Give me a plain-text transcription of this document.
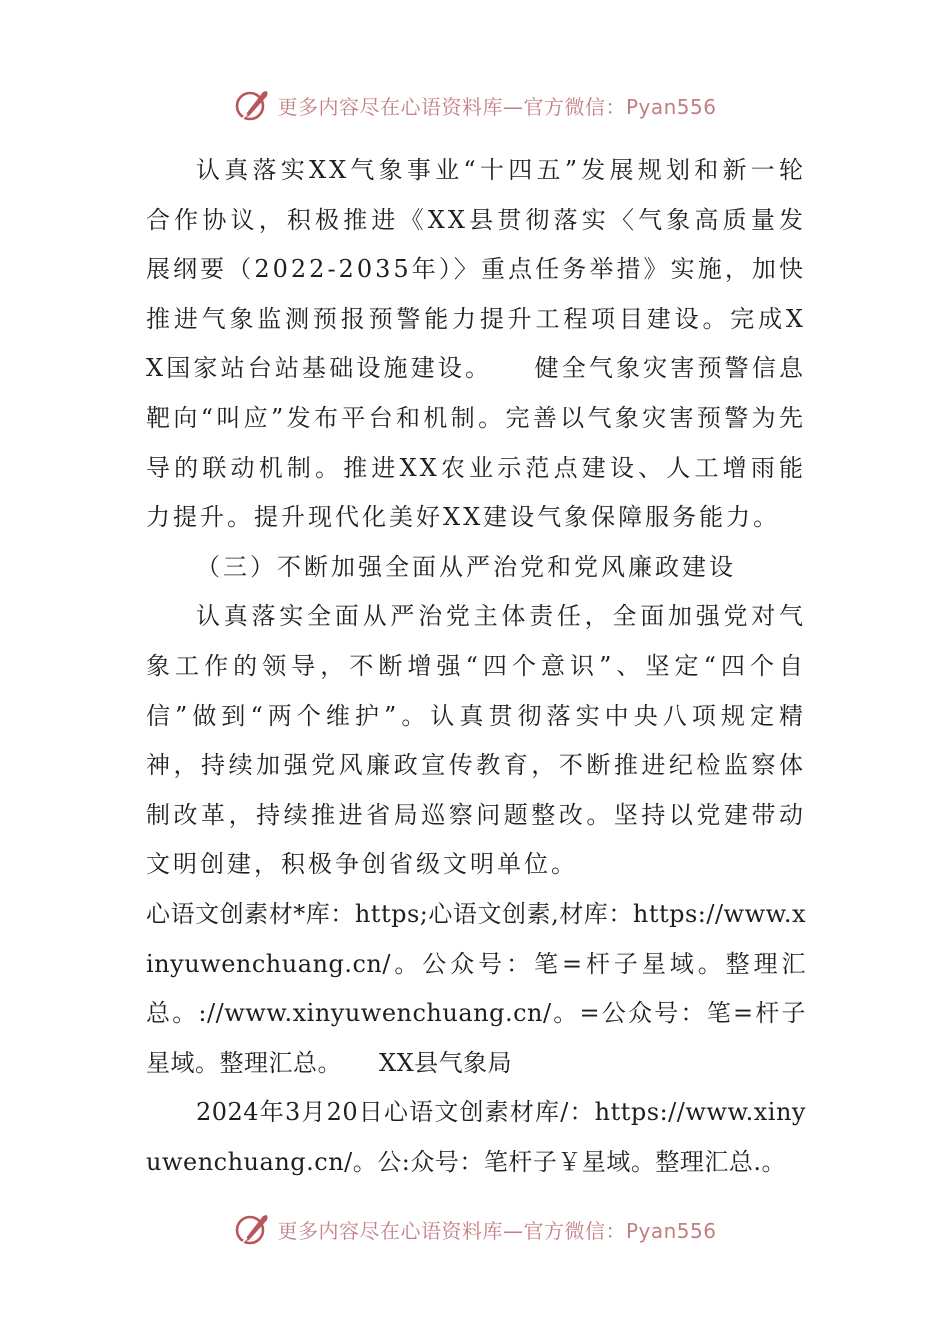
更多内容尽在心语资料库—官方微信：Pyan556

认真落实XX气象事业“十四五”发展规划和新一轮合作协议，积极推进《XX县贯彻落实〈气象高质量发展纲要（2022-2035年）〉重点任务举措》实施，加快推进气象监测预报预警能力提升工程项目建设。完成XX国家站台站基础设施建设。　　健全气象灾害预警信息靶向“叫应”发布平台和机制。完善以气象灾害预警为先导的联动机制。推进XX农业示范点建设、人工增雨能力提升。提升现代化美好XX建设气象保障服务能力。

（三）不断加强全面从严治党和党风廉政建设

认真落实全面从严治党主体责任，全面加强党对气象工作的领导，不断增强“四个意识”、坚定“四个自信”做到“两个维护”。认真贯彻落实中央八项规定精神，持续加强党风廉政宣传教育，不断推进纪检监察体制改革，持续推进省局巡察问题整改。坚持以党建带动文明创建，积极争创省级文明单位。

心语文创素材*库：https;心语文创素,材库：https://www.xinyuwenchuang.cn/。公众号：笔=杆子星域。整理汇总。://www.xinyuwenchuang.cn/。=公众号：笔=杆子星域。整理汇总。　　XX县气象局

2024年3月20日心语文创素材库/：https://www.xinyuwenchuang.cn/。公:众号：笔杆子￥星域。整理汇总.。

更多内容尽在心语资料库—官方微信：Pyan556
